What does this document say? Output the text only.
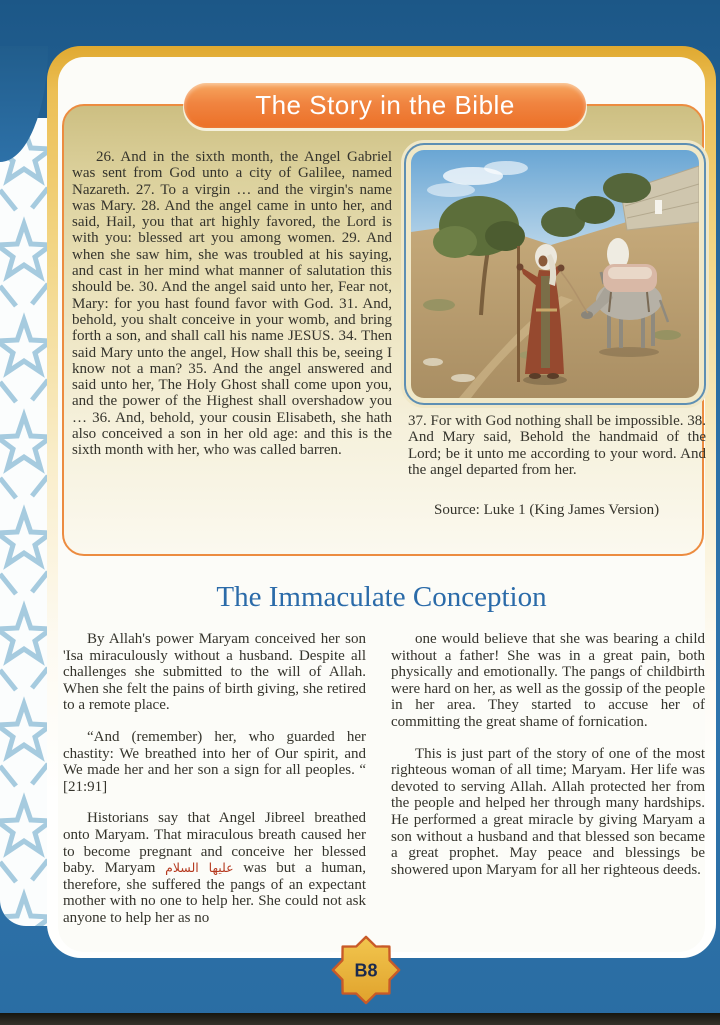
The Story in the Bible
26. And in the sixth month, the Angel Gabriel was sent from God unto a city of Galilee, named Nazareth. 27. To a virgin … and the virgin's name was Mary. 28. And the angel came in unto her, and said, Hail, you that art highly favored, the Lord is with you: blessed art you among women. 29. And when she saw him, she was troubled at his saying, and cast in her mind what manner of salutation this should be. 30. And the angel said unto her, Fear not, Mary: for you hast found favor with God. 31. And, behold, you shalt conceive in your womb, and bring forth a son, and shall call his name JESUS. 34. Then said Mary unto the angel, How shall this be, seeing I know not a man? 35. And the angel answered and said unto her, The Holy Ghost shall come upon you, and the power of the Highest shall overshadow you … 36. And, behold, your cousin Elisabeth, she hath also conceived a son in her old age: and this is the sixth month with her, who was called barren.
37. For with God nothing shall be impossible. 38. And Mary said, Behold the handmaid of the Lord; be it unto me according to your word. And the angel departed from her.
Source: Luke 1 (King James Version)
The Immaculate Conception

By Allah's power Maryam conceived her son 'Isa miraculously without a husband. Despite all challenges she submitted to the will of Allah. When she felt the pains of birth giving, she retired to a remote place.

“And (remember) her, who guarded her chastity: We breathed into her of Our spirit, and We made her and her son a sign for all peoples. “ [21:91]

Historians say that Angel Jibreel breathed onto Maryam. That miraculous breath caused her to become pregnant and conceive her blessed baby. Maryam عليها السلام was but a human, therefore, she suffered the pangs of an expectant mother with no one to help her. She could not ask anyone to help her as no

one would believe that she was bearing a child without a father! She was in a great pain, both physically and emotionally. The pangs of childbirth were hard on her, as well as the gossip of the people in her area. They started to accuse her of committing the great shame of fornication.

This is just part of the story of one of the most righteous woman of all time; Maryam. Her life was devoted to serving Allah. Allah protected her from the people and helped her through many hardships. He performed a great miracle by giving Maryam a son without a husband and that blessed son became a great prophet. May peace and blessings be showered upon Maryam for all her righteous deeds.

B8
